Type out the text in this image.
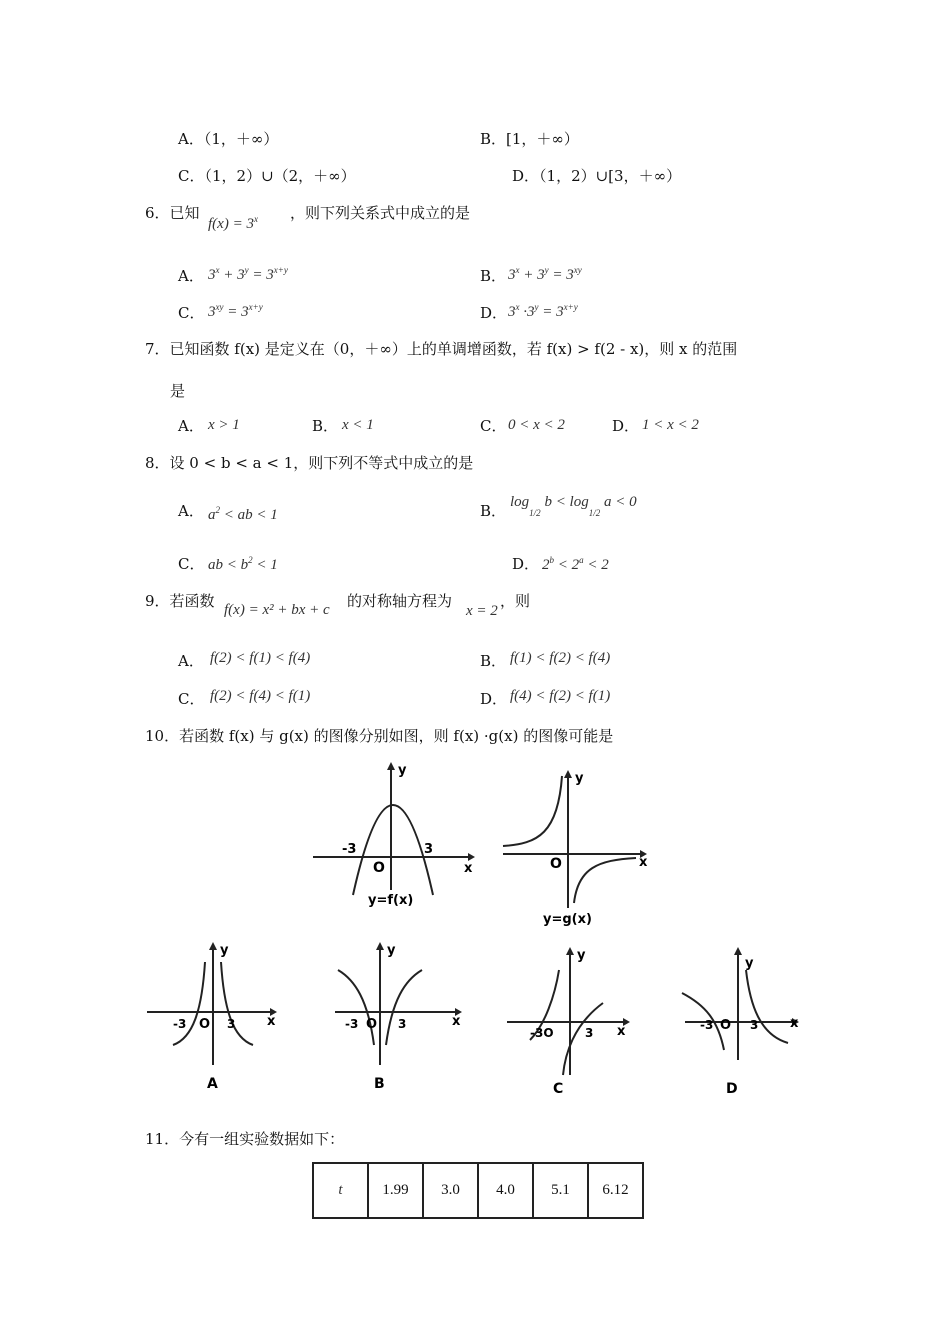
A．（1，＋∞）	B．[1，＋∞）
C．（1，2）∪（2，＋∞）	D．（1，2）∪[3，＋∞）
6．已知
$f(x) = 3^x$ ，则下列关系式中成立的是
A． $3^x + 3^y = 3^{x+y}$	B． $3^x + 3^y = 3^{xy}$
C． $3^{xy} = 3^{x+y}$	D． $3^x \cdot 3^y = 3^{x+y}$
7．已知函数 f(x) 是定义在（0，＋∞）上的单调增函数，若 f(x) > f(2 - x)，则 x 的范围
是
A． x > 1	B． x < 1	C． 0 < x < 2	D． 1 < x < 2
8．设 0 < b < a < 1，则下列不等式中成立的是
A． $a^2$ < ab < 1	B． log1/2 b < log1/2 a < 0
C． ab < $b^2 < 1$	D． $2^b < 2^a < 2$
9．若函数 f(x) = x² + bx + c 的对称轴方程为
x = 2
，则
A． f(2) < f(1) < f(4)	B． f(1) < f(2) < f(4)
C． f(2) < f(4) < f(1)	D． f(4) < f(2) < f(1)
10．若函数 f(x) 与 g(x) 的图像分别如图，则 f(x) ·g(x) 的图像可能是
y
x
O
-3	3
y=f(x)
y
x
O
y=g(x)
y
x
-3 O 3
A
y
x
-3 O 3
B
y
x
-3O	3
C
y
x
-3 O 3
D
11．今有一组实验数据如下：
t	1.99	3.0	4.0	5.1	6.12
